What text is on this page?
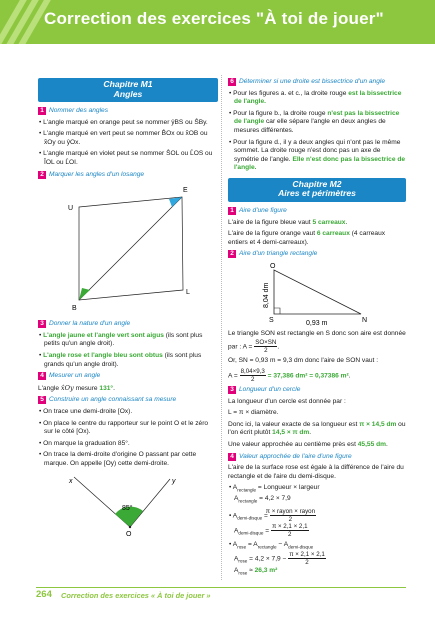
Correction des exercices "À toi de jouer"
Chapitre M1
Angles
1 Nommer des angles

• L'angle marqué en orange peut se nommer ŷBS ou S̑By.

• L'angle marqué en vert peut se nommer B̑Ox ou x̂OB ou x̂Oy ou ŷOx.

• L'angle marqué en violet peut se nommer S̑OL ou L̑OS ou ÎOL ou L̑OI.

2 Marquer les angles d'un losange
E
U
B
L
3 Donner la nature d'un angle

• L'angle jaune et l'angle vert sont aigus (ils sont plus petits qu'un angle droit).

• L'angle rose et l'angle bleu sont obtus (ils sont plus grands qu'un angle droit).

4 Mesurer un angle

L'angle x̂Oy mesure 131°.

5 Construire un angle connaissant sa mesure

• On trace une demi-droite [Ox).

• On place le centre du rapporteur sur le point O et le zéro sur le côté [Ox).

• On marque la graduation 85°.

• On trace la demi-droite d'origine O passant par cette marque. On appelle [Oy) cette demi-droite.

x	y
O
85°
6 Déterminer si une droite est bissectrice d'un angle

• Pour les figures a. et c., la droite rouge est la bissectrice de l'angle.

• Pour la figure b., la droite rouge n'est pas la bissectrice de l'angle car elle sépare l'angle en deux angles de mesures différentes.

• Pour la figure d., il y a deux angles qui n'ont pas le même sommet. La droite rouge n'est donc pas un axe de symétrie de l'angle. Elle n'est donc pas la bissectrice de l'angle.

Chapitre M2
Aires et périmètres
1 Aire d'une figure

L'aire de la figure bleue vaut 5 carreaux.

L'aire de la figure orange vaut 6 carreaux (4 carreaux entiers et 4 demi-carreaux).

2 Aire d'un triangle rectangle
O
S	N
8,04 dm
0,93 m

Le triangle SON est rectangle en S donc son aire est donnée par : $A = \frac{SO\times SN}{2}$ .

Or, SN = 0,93 m = 9,3 dm donc l'aire de SON vaut :

$A = \frac{8,04\times 9,3}{2} = 37,386$ dm² = 0,37386 m².

3 Longueur d'un cercle

La longueur d'un cercle est donnée par :

L = π × diamètre.

Donc ici, la valeur exacte de sa longueur est π × 14,5 dm ou l'on écrit plutôt 14,5 × π dm.

Une valeur approchée au centième près est 45,55 dm.

4 Valeur approchée de l'aire d'une figure

L'aire de la surface rose est égale à la différence de l'aire du rectangle et de l'aire du demi-disque.

• $A_{rectangle}$ = Longueur × largeur

$A_{rectangle} = 4,2 \times 7,9$

• $A_{demi-disque} = \frac{\text{π × rayon × rayon}}{2}$

$A_{demi-disque} = \frac{\pi \times 2,1 \times 2,1}{2}$

• $A_{rose} = A_{rectangle} - A_{demi-disque}$

$A_{rose} = 4,2 \times 7,9 - \frac{\pi \times 2,1 \times 2,1}{2}$

$A_{rose} \approx 26,3$ m²

264 Correction des exercices « À toi de jouer »
